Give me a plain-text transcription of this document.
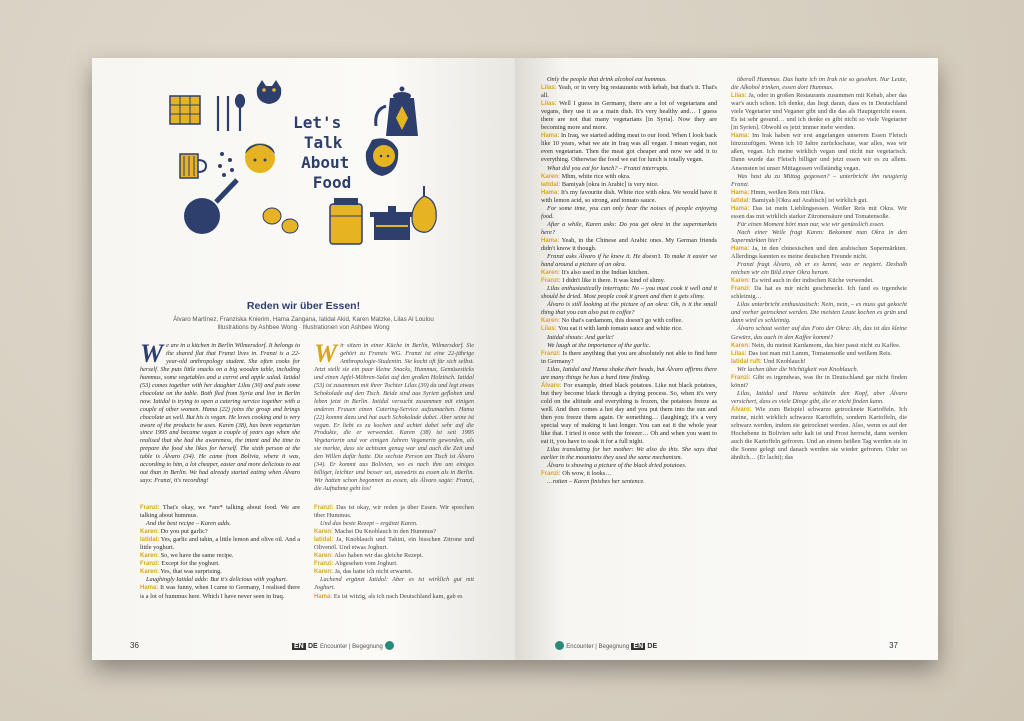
Let's Talk About Food
Reden wir über Essen!
Álvaro Martínez, Franziska Knierim, Hama Zangana, Iatidal Akid, Karen Matzke, Lilas Al Loulou
Illustrations by Ashbee Wong · Illustrationen von Ashbee Wong
We are in a kitchen in Berlin Wilmersdorf. It belongs to the shared flat that Franzi lives in. Franzi is a 22-year-old anthropology student. She often cooks for herself. She puts little snacks on a big wooden table, including hummus, some vegetables and a carrot and apple salad. Iatidal (53) comes together with her daughter Lilas (30) and puts some chocolate on the table. Both fled from Syria and live in Berlin now. Iatidal is trying to open a catering service together with a couple of other women. Hama (22) joins the group and brings chocolate as well. But his is vegan. He loves cooking and is very aware of the products he uses. Karen (38), has been vegetarian since 1995 and became vegan a couple of years ago when she realised that she had the awareness, the intent and the time to prepare the food she likes for herself. The sixth person at the table is Álvaro (34). He came from Bolivia, where it was, according to him, a lot cheaper, easier and more delicious to eat out than in Berlin. We had already started eating when Álvaro says: Franzi, it's recording!
Wir sitzen in einer Küche in Berlin, Wilmersdorf. Sie gehört zu Franzis WG. Franzi ist eine 22-jährige Anthropologie-Studentin. Sie kocht oft für sich selbst. Jetzt stellt sie ein paar kleine Snacks, Hummus, Gemüsesticks und einen Apfel-Möhren-Salat auf den großen Holztisch. Iatidal (53) ist zusammen mit ihrer Tochter Lilas (30) da und legt etwas Schokolade auf den Tisch. Beide sind aus Syrien geflohen und leben jetzt in Berlin. Iatidal versucht zusammen mit einigen anderen Frauen einen Catering-Service aufzumachen. Hama (22) kommt dazu und hat auch Schokolade dabei. Aber seine ist vegan. Er liebt es zu kochen und achtet dabei sehr auf die Produkte, die er verwendet. Karen (38) ist seit 1995 Vegetarierin und vor einigen Jahren Veganerin geworden, als sie merkte, dass sie achtsam genug war und auch die Zeit und den Willen dafür hatte. Die sechste Person am Tisch ist Álvaro (34). Er kommt aus Bolivien, wo es nach ihm um einiges billiger, leichter und besser sei, auswärts zu essen als in Berlin. Wir hatten schon begonnen zu essen, als Álvaro sagte: Franzi, die Aufnahme geht los!

Franzi: That's okay, we *are* talking about food. We are talking about hummus.

And the best recipe – Karen adds.

Karen: Do you put garlic?

Iatidal: Yes, garlic and tahin, a little lemon and olive oil. And a little yoghurt.

Karen: So, we have the same recipe.

Franzi: Except for the yoghurt.

Karen: Yes, that was surprising.

Laughingly Iatidal adds: But it's delicious with yoghurt.

Hama: It was funny, when I came to Germany, I realised there is a lot of hummus here. Which I have never seen in Iraq.

Franzi: Das ist okay, wir reden ja über Essen. Wir sprechen über Hummus.

Und das beste Rezept – ergänzt Karen.

Karen: Machst Du Knoblauch in den Hummus?

Iatidal: Ja, Knoblauch und Tahini, ein bisschen Zitrone und Olivenöl. Und etwas Joghurt.

Karen: Also haben wir das gleiche Rezept.

Franzi: Abgesehen vom Joghurt.

Karen: Ja, das hatte ich nicht erwartet.

Lachend ergänzt Iatidal: Aber es ist wirklich gut mit Joghurt.

Hama: Es ist witzig, als ich nach Deutschland kam, gab es

36	EN DE Encounter | Begegnung

Only the people that drink alcohol eat hummus.

Lilas: Yeah, or in very big restaurants with kebab, but that's it. That's all.

Lilas: Well I guess in Germany, there are a lot of vegetarians and vegans, they use it as a main dish. It's very healthy and… I guess there are not that many vegetarians [in Syria]. Now they are becoming more and more.

Hama: In Iraq, we started adding meat to our food. When I look back like 10 years, what we ate in Iraq was all vegan. I mean vegan, not even vegetarian. Then the meat got cheaper and now we add it to everything. Otherwise the food we eat for lunch is totally vegan.

What did you eat for lunch? – Franzi interrupts.

Karen: Mhm, white rice with okra.

Iatidal: Bamiyah [okra in Arabic] is very nice.

Hama: It's my favourite dish. White rice with okra. We would have it with lemon acid, so strong, and tomato sauce.

For some time, you can only hear the noises of people enjoying food.

After a while, Karen asks: Do you get okra in the supermarkets here?

Hama: Yeah, in the Chinese and Arabic ones. My German friends didn't know it though.

Franzi asks Álvaro if he knew it. He doesn't. To make it easier we hand around a picture of an okra.

Karen: It's also used in the Indian kitchen.

Franzi: I didn't like it there. It was kind of slimy.

Lilas enthusiastically interrupts: No – you must cook it well and it should be dried. Most people cook it green and then it gets slimy.

Álvaro is still looking at the picture of an okra: Oh, is it the small thing that you can also put in coffee?

Karen: No that's cardamom, this doesn't go with coffee.

Lilas: You eat it with lamb tomato sauce and white rice.

Iatidal shouts: And garlic!

We laugh at the importance of the garlic.

Franzi: Is there anything that you are absolutely not able to find here in Germany?

Lilas, Iatidal and Hama shake their heads, but Álvaro affirms there are many things he has a hard time finding.

Álvaro: For example, dried black potatoes. Like not black potatoes, but they become black through a drying process. So, when it's very cold on the altitude and everything is frozen, the potatoes freeze as well. And then comes a hot day and you put them into the sun and then you freeze them again. Or something… (laughing); it's a very special way of making it last longer. You can eat it the whole year like that. I tried it once with the freezer… Oh and when you want to eat it, you have to soak it for a full night.

Lilas translating for her mother: We also do this. She says that earlier in the mountains they used the same mechanism.

Álvaro is showing a picture of the black dried potatoes.

Franzi: Oh wow, it looks…

…rotten – Karen finishes her sentence.

überall Hummus. Das hatte ich im Irak nie so gesehen. Nur Leute, die Alkohol trinken, essen dort Hummus.

Lilas: Ja, oder in großen Restaurants zusammen mit Kebab, aber das war's auch schon. Ich denke, das liegt daran, dass es in Deutschland viele Vegetarier und Veganer gibt und die das als Hauptgericht essen. Es ist sehr gesund… und ich denke es gibt nicht so viele Vegetarier [in Syrien]. Obwohl es jetzt immer mehr werden.

Hama: Im Irak haben wir erst angefangen unserem Essen Fleisch hinzuzufügen. Wenn ich 10 Jahre zurückschaue, war alles, was wir aßen, vegan. Ich meine wirklich vegan und nicht nur vegetarisch. Dann wurde das Fleisch billiger und jetzt essen wir es zu allem. Ansonsten ist unser Mittagessen vollständig vegan.

Was hast du zu Mittag gegessen? – unterbricht ihn neugierig Franzi.

Hama: Hmm, weißen Reis mit Okra.

Iatidal: Bamiyah [Okra auf Arabisch] ist wirklich gut.

Hama: Das ist mein Lieblingsessen. Weißer Reis mit Okra. Wir essen das mit wirklich starker Zitronensäure und Tomatensoße.

Für einen Moment hört man nur, wie wir genüsslich essen.

Nach einer Weile fragt Karen: Bekommt man Okra in den Supermärkten hier?

Hama: Ja, in den chinesischen und den arabischen Supermärkten. Allerdings kannten es meine deutschen Freunde nicht.

Franzi fragt Álvaro, ob er es kennt, was er negiert. Deshalb reichen wir ein Bild einer Okra herum.

Karen: Es wird auch in der indischen Küche verwendet.

Franzi: Da hat es mir nicht geschmeckt. Ich fand es irgendwie schleimig…

Lilas unterbricht enthusiastisch: Nein, nein, – es muss gut gekocht und vorher getrocknet werden. Die meisten Leute kochen es grün und dann wird es schleimig.

Álvaro schaut weiter auf das Foto der Okra: Ah, das ist das kleine Gewürz, das auch in den Kaffee kommt?

Karen: Nein, du meinst Kardamom, das hier passt nicht zu Kaffee.

Lilas: Das isst man mit Lamm, Tomatensoße und weißem Reis.

Iatidal ruft: Und Knoblauch!

Wir lachen über die Wichtigkeit von Knoblauch.

Franzi: Gibt es irgendwas, was ihr in Deutschland gar nicht finden könnt?

Lilas, Iatidal und Hama schütteln den Kopf, aber Álvaro versichert, dass es viele Dinge gibt, die er nicht finden kann.

Álvaro: Wie zum Beispiel schwarze getrocknete Kartoffeln. Ich meine, nicht wirklich schwarze Kartoffeln, sondern Kartoffeln, die schwarz werden, indem sie getrocknet werden. Also, wenn es auf der Hochebene in Bolivien sehr kalt ist und Frost herrscht, dann werden auch die Kartoffeln gefroren. Und an einem heißen Tag werden sie in die Sonne gelegt und danach werden sie wieder gefroren. Oder so ähnlich… (Er lacht); das

Encounter | Begegnung EN DE	37
